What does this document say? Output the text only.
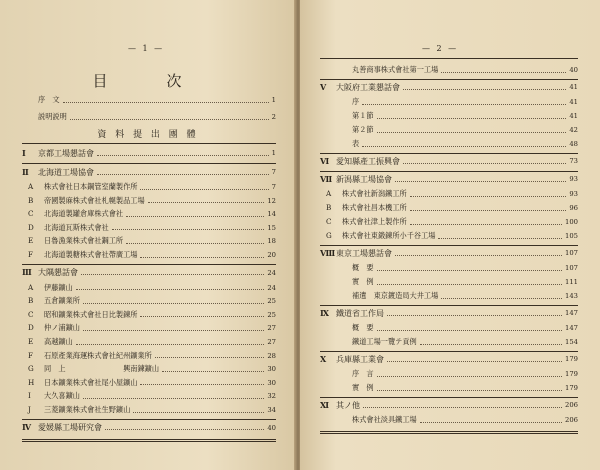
— 1 —
目　次
序　文	1
説明説明	2
資 料 提 出 團 體
Ⅰ 京都工場懇話會	1
Ⅱ 北海道工場協會	7
A 株式會社日本鋼管室蘭製作所	7
B 帝國製麻株式會社札幌製品工場	12
C 北海道製罐倉庫株式會社	14
D 北海道瓦斯株式會社	15
E 日魯漁業株式會社鋼工所	18
F 北海道製糖株式會社帶廣工場	20
Ⅲ 大隅懇話會	24
A 伊藤鑛山	24
B 五倉鑛業所	25
C 昭和鑛業株式會社日比製鍊所	25
D 仲ノ浦鑛山	27
E 高越鑛山	27
F 石原產業海運株式會社紀州鑛業所	28
G 同　上　　　　　　　　興南鍊鑛山	30
H 日本鑛業株式會社尾小屋鑛山	30
I 大久喜鑛山	32
J 三菱鑛業株式會社生野鑛山	34
Ⅳ 愛媛縣工場研究會	40
— 2 —
丸善商事株式會社第一工場	40
Ⅴ 大阪府工業懇話會	41
序	41
第１節	41
第２節	42
表	48
Ⅵ 愛知縣產工振興會	73
Ⅶ 新潟縣工場協會	93
A 株式會社新潟鐵工所	93
B 株式會社昌本機工所	96
C 株式會社津上製作所	100
G 株式會社東鍛鍊所小千谷工場	105
Ⅷ東京工場懇話會	107
概　要	107
實　例	111
補遺　東京鍍造局大井工場	143
Ⅸ 鐵道省工作局	147
概　要	147
鐵道工場一覽テ貢例	154
Ⅹ 兵庫縣工業會	179
序　言	179
實　例	179
Ⅺ 其ノ他	206
株式會社淡具鐵工場	206
